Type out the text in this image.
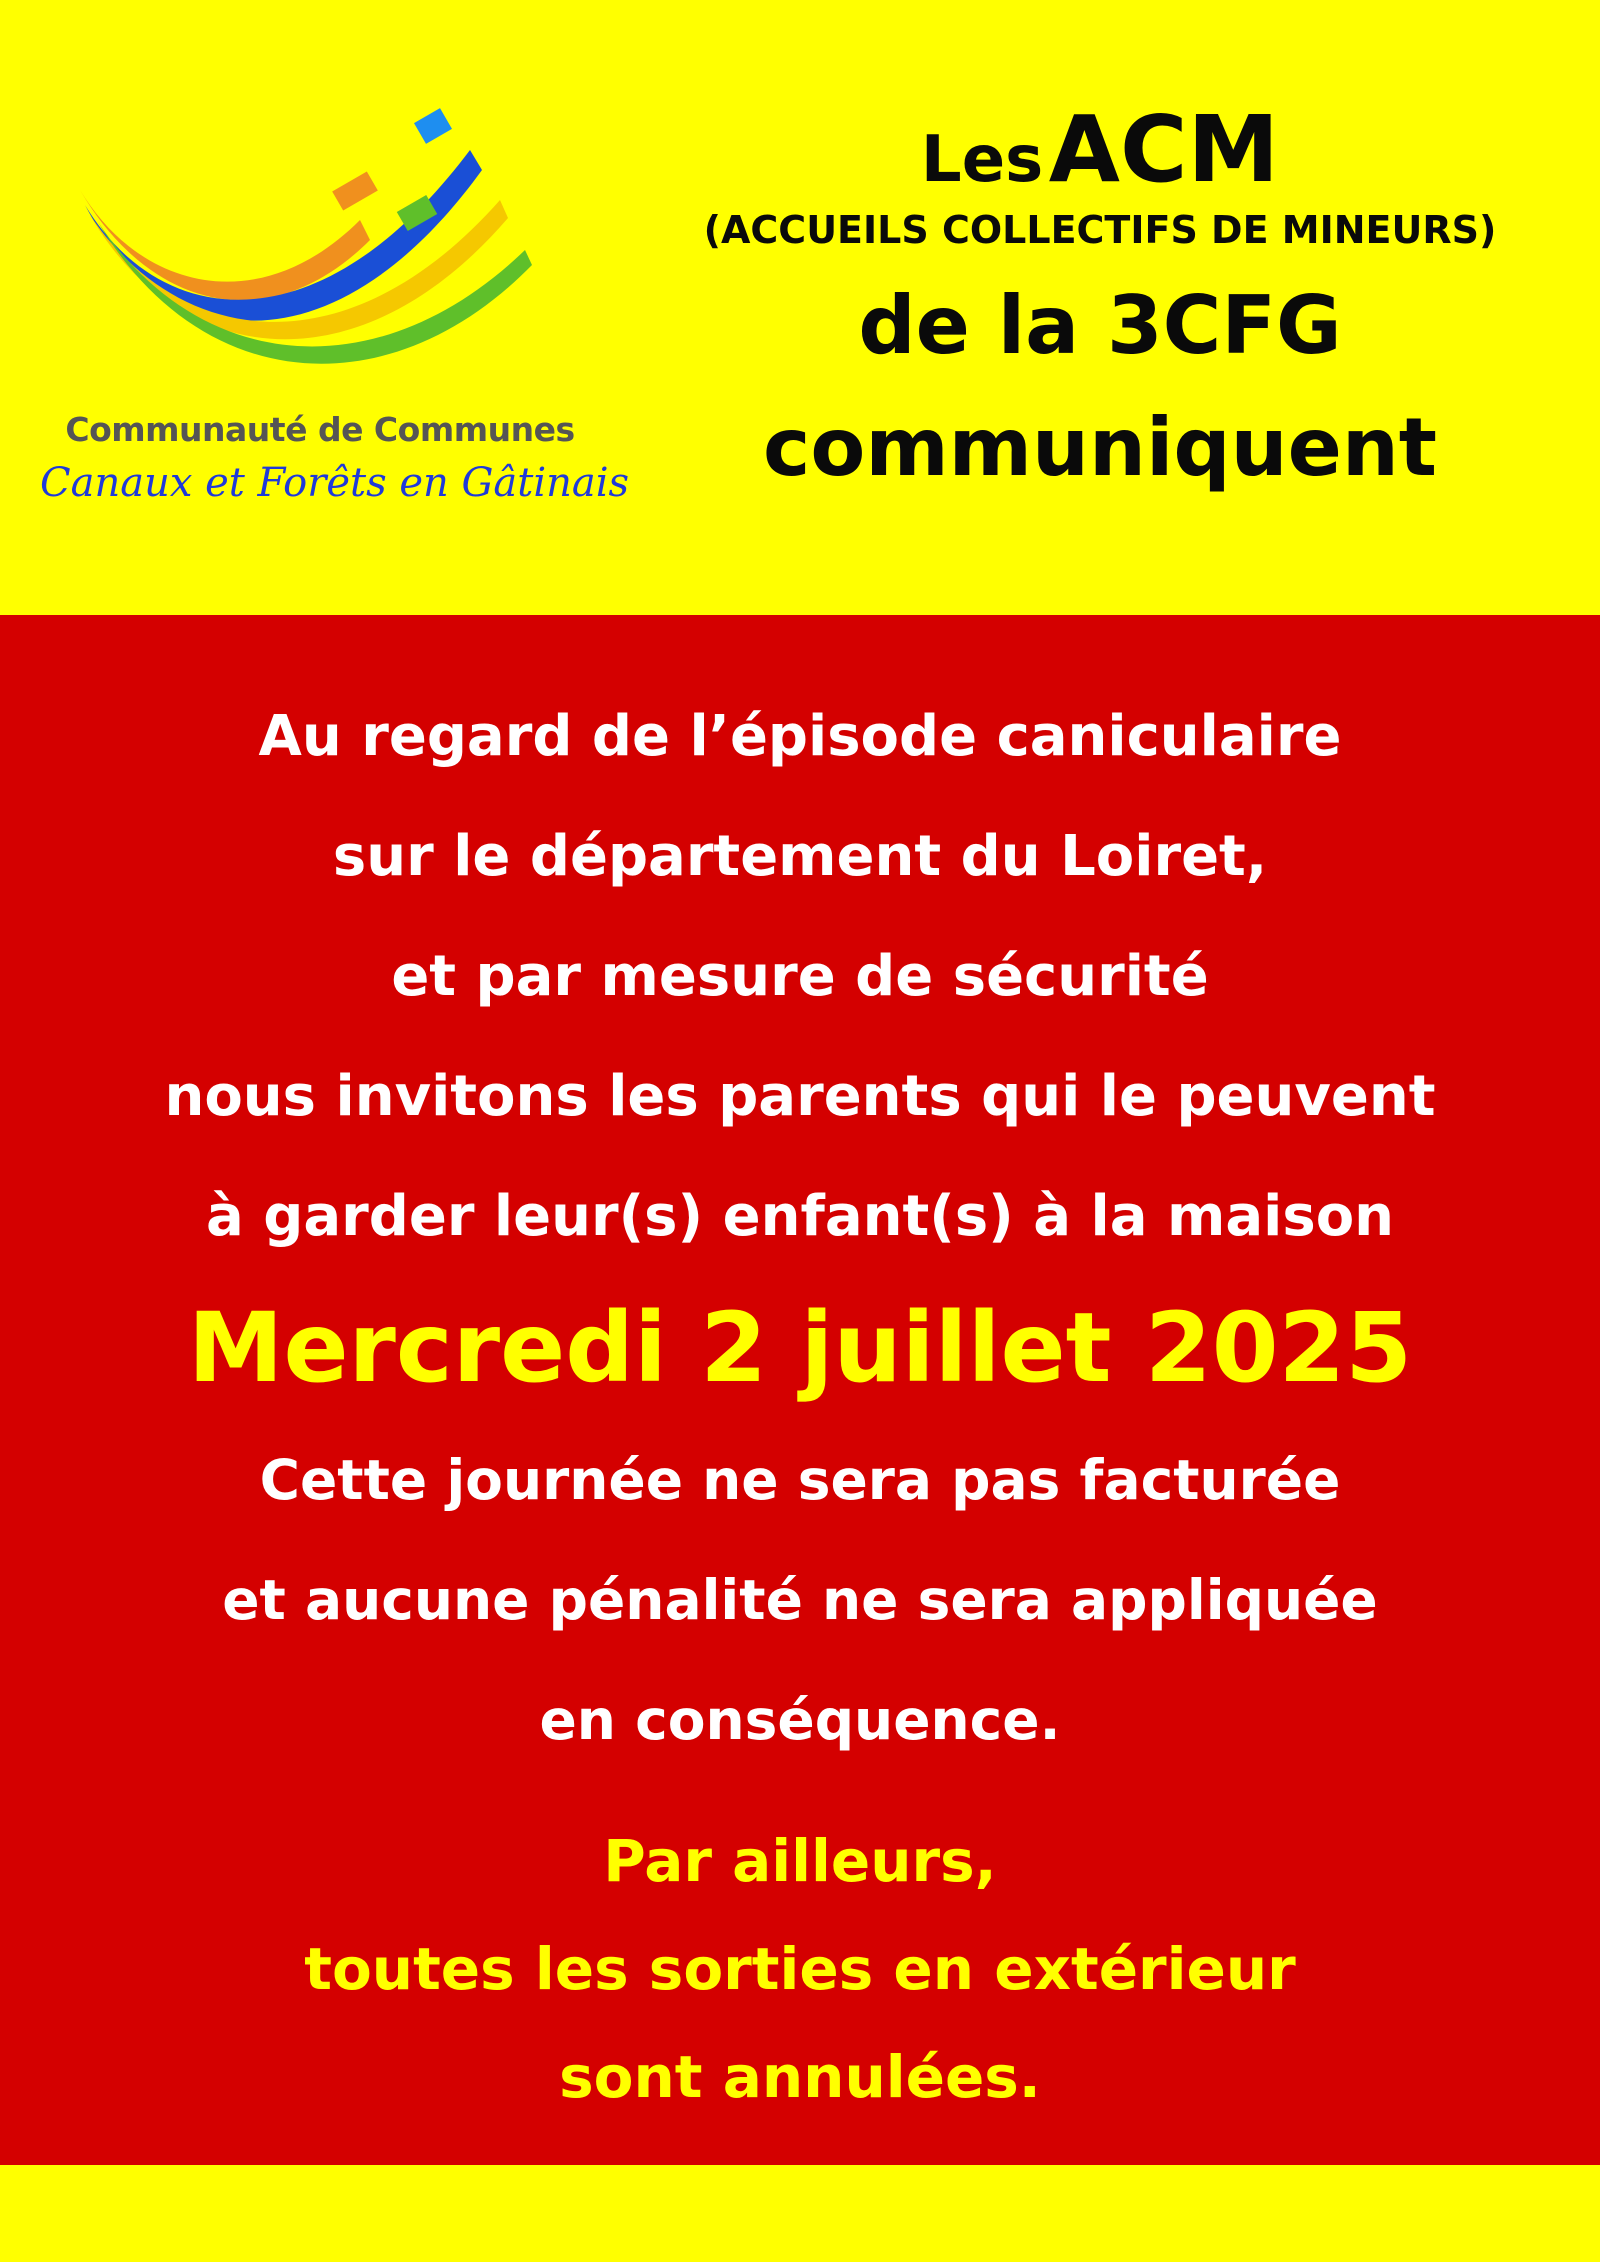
Communauté de Communes
Canaux et Forêts en Gâtinais
Les ACM
(ACCUEILS COLLECTIFS DE MINEURS)
de la 3CFG
communiquent
Au regard de l’épisode caniculaire
sur le département du Loiret,
et par mesure de sécurité
nous invitons les parents qui le peuvent
à garder leur(s) enfant(s) à la maison
Mercredi 2 juillet 2025
Cette journée ne sera pas facturée
et aucune pénalité ne sera appliquée
en conséquence.
Par ailleurs,
toutes les sorties en extérieur
sont annulées.
